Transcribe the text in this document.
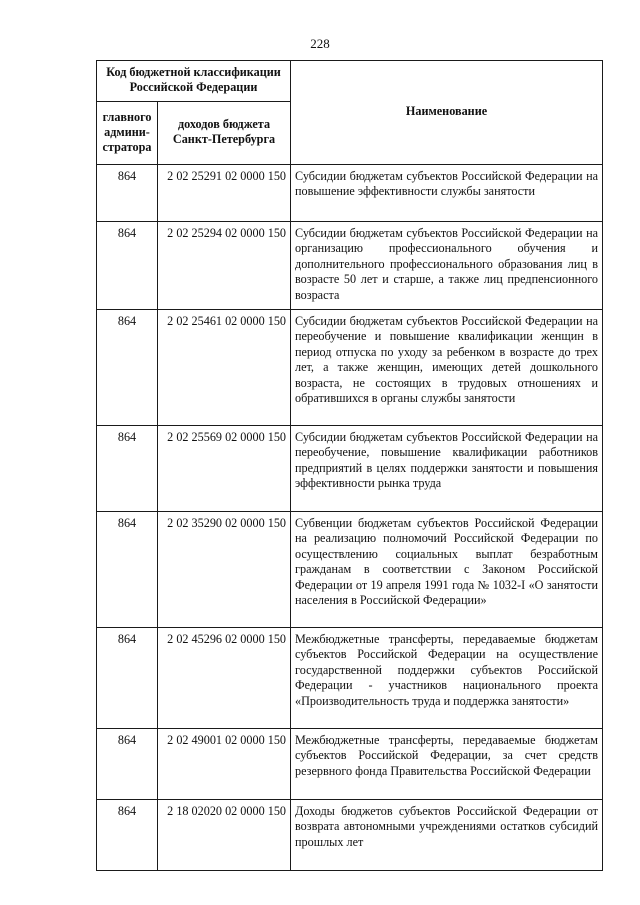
228
Код бюджетной классификации Российской Федерации		Наименование
главного админи-стратора	доходов бюджета Санкт-Петербурга	
864	2 02 25291 02 0000 150	Субсидии бюджетам субъектов Российской Федерации на повышение эффективности службы занятости
864	2 02 25294 02 0000 150	Субсидии бюджетам субъектов Российской Федерации на организацию профессионального обучения и дополнительного профессионального образования лиц в возрасте 50 лет и старше, а также лиц предпенсионного возраста
864	2 02 25461 02 0000 150	Субсидии бюджетам субъектов Российской Федерации на переобучение и повышение квалификации женщин в период отпуска по уходу за ребенком в возрасте до трех лет, а также женщин, имеющих детей дошкольного возраста, не состоящих в трудовых отношениях и обратившихся в органы службы занятости
864	2 02 25569 02 0000 150	Субсидии бюджетам субъектов Российской Федерации на переобучение, повышение квалификации работников предприятий в целях поддержки занятости и повышения эффективности рынка труда
864	2 02 35290 02 0000 150	Субвенции бюджетам субъектов Российской Федерации на реализацию полномочий Российской Федерации по осуществлению социальных выплат безработным гражданам в соответствии с Законом Российской Федерации от 19 апреля 1991 года № 1032-I «О занятости населения в Российской Федерации»
864	2 02 45296 02 0000 150	Межбюджетные трансферты, передаваемые бюджетам субъектов Российской Федерации на осуществление государственной поддержки субъектов Российской Федерации - участников национального проекта «Производительность труда и поддержка занятости»
864	2 02 49001 02 0000 150	Межбюджетные трансферты, передаваемые бюджетам субъектов Российской Федерации, за счет средств резервного фонда Правительства Российской Федерации
864	2 18 02020 02 0000 150	Доходы бюджетов субъектов Российской Федерации от возврата автономными учреждениями остатков субсидий прошлых лет
